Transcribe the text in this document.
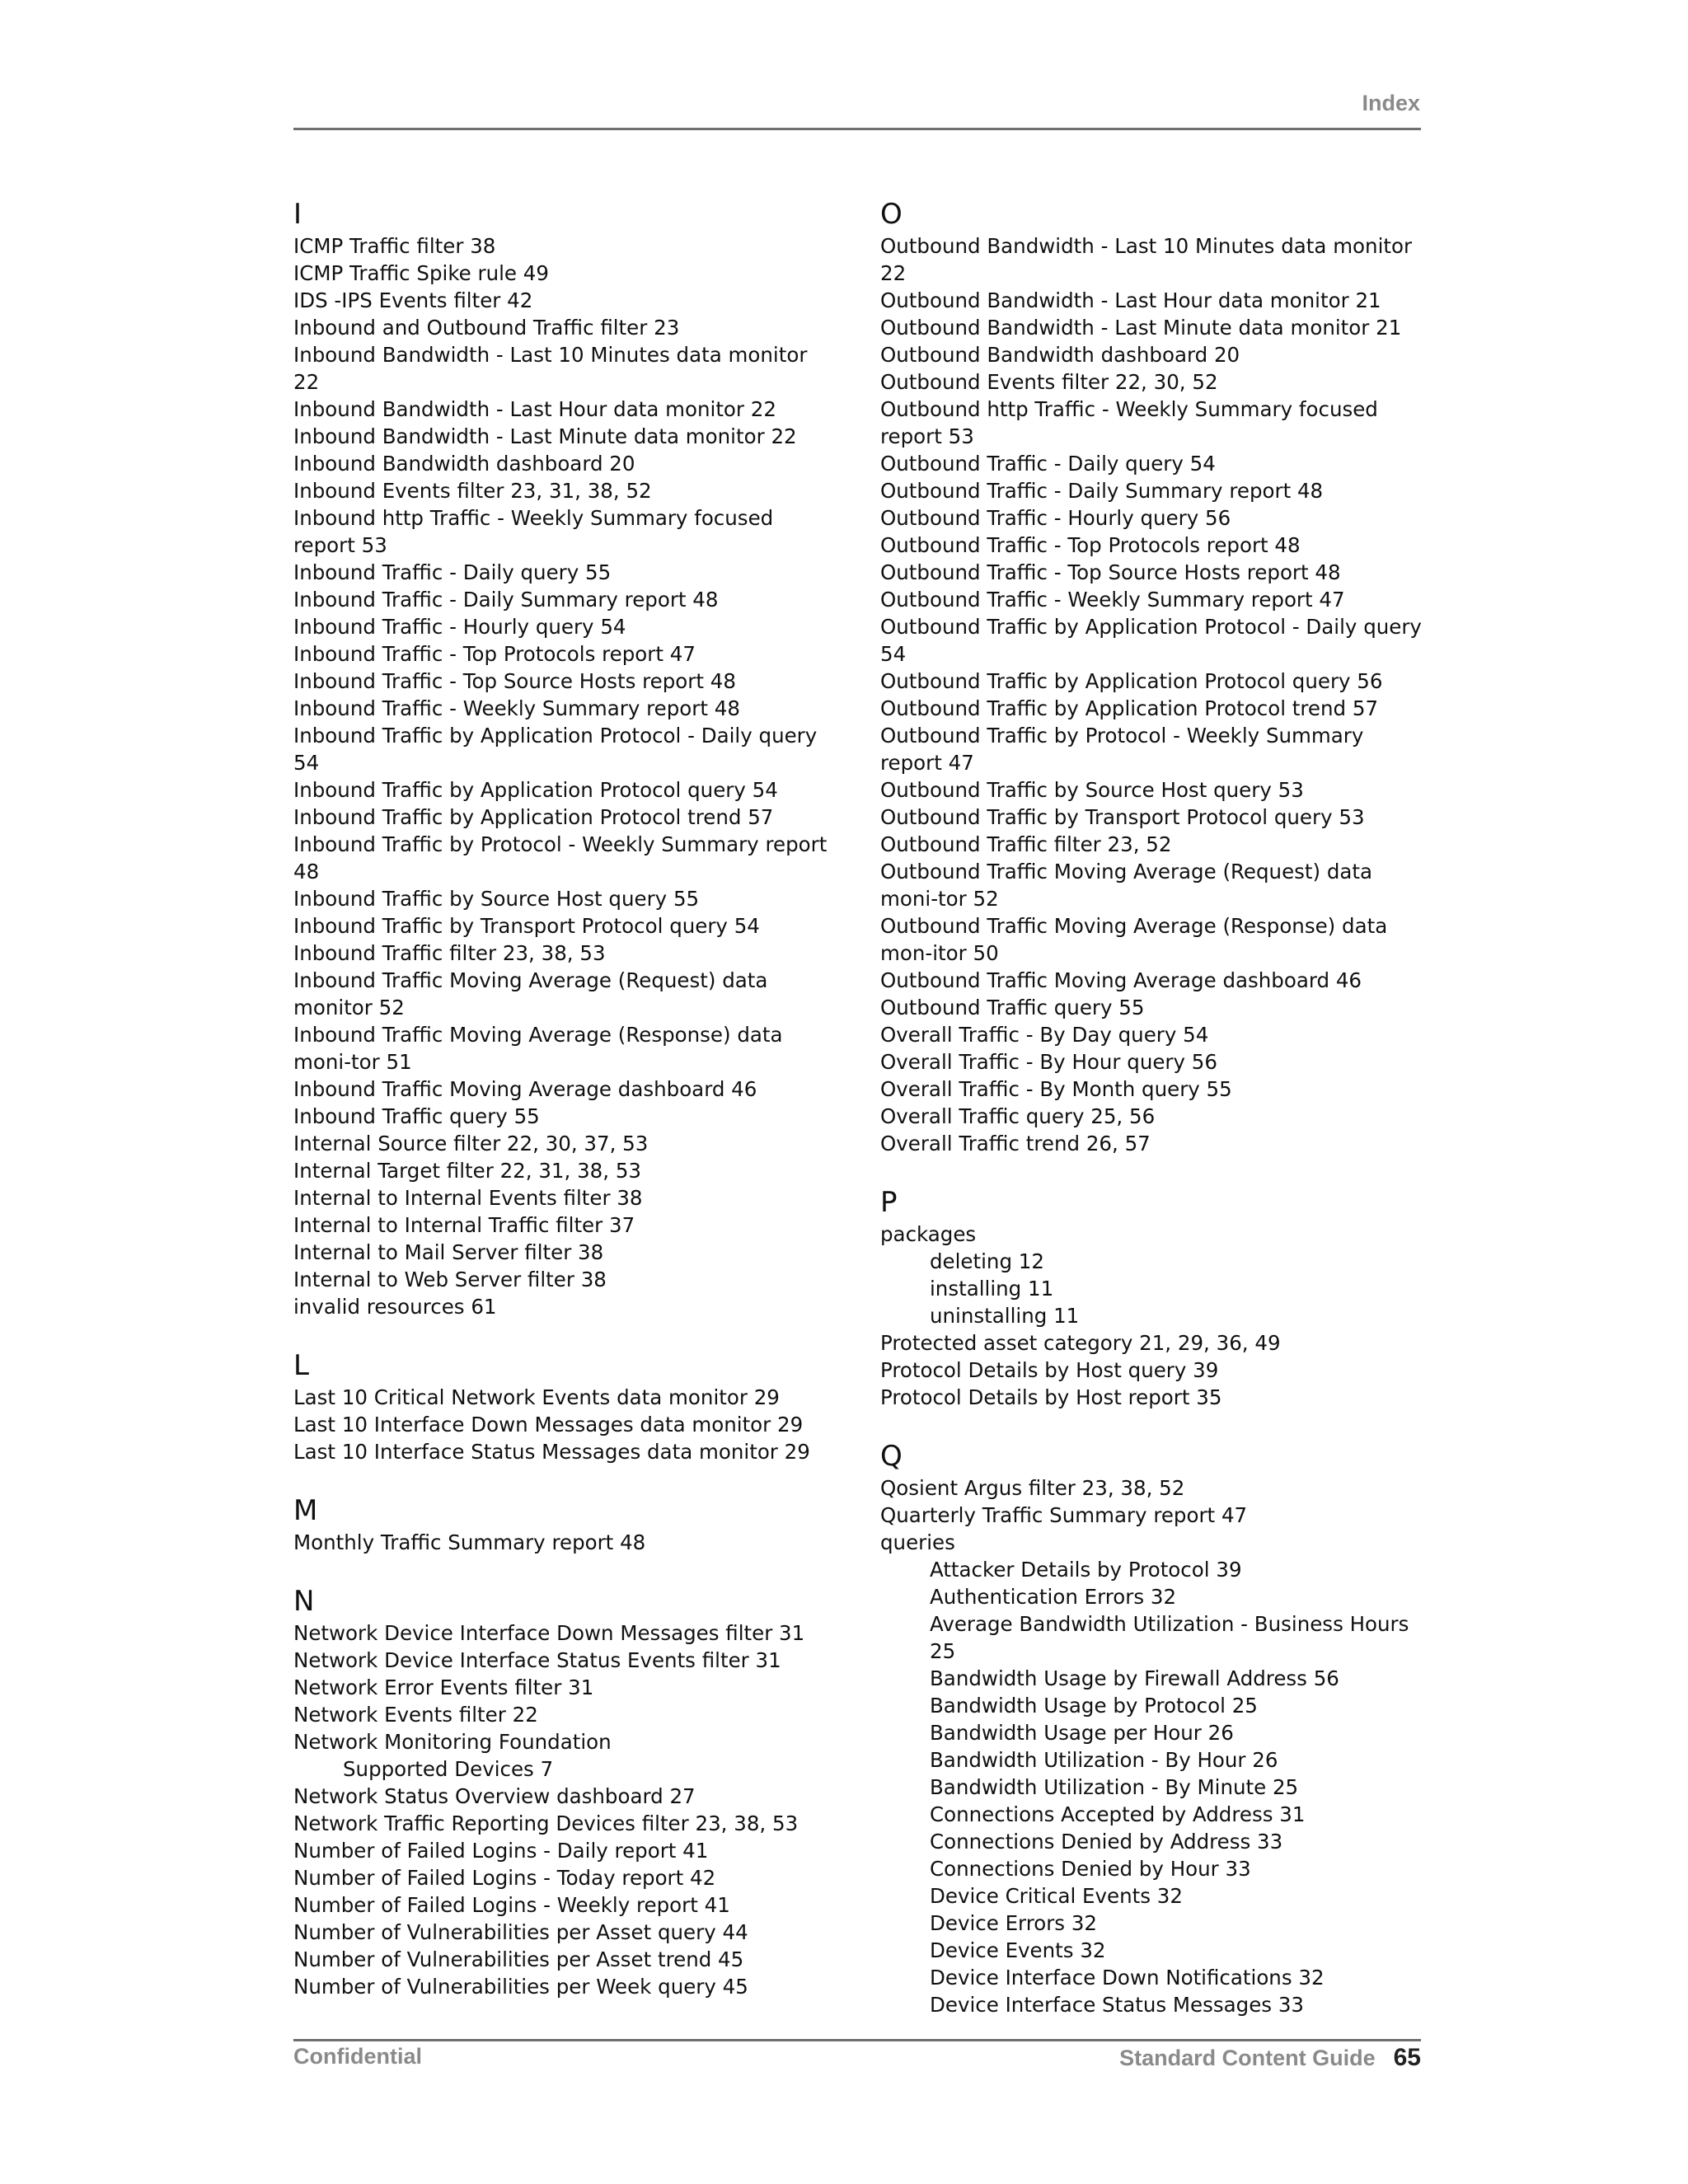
Index
I
ICMP Traffic filter 38
ICMP Traffic Spike rule 49
IDS -IPS Events filter 42
Inbound and Outbound Traffic filter 23
Inbound Bandwidth - Last 10 Minutes data monitor 22
Inbound Bandwidth - Last Hour data monitor 22
Inbound Bandwidth - Last Minute data monitor 22
Inbound Bandwidth dashboard 20
Inbound Events filter 23, 31, 38, 52
Inbound http Traffic - Weekly Summary focused report 53
Inbound Traffic - Daily query 55
Inbound Traffic - Daily Summary report 48
Inbound Traffic - Hourly query 54
Inbound Traffic - Top Protocols report 47
Inbound Traffic - Top Source Hosts report 48
Inbound Traffic - Weekly Summary report 48
Inbound Traffic by Application Protocol - Daily query 54
Inbound Traffic by Application Protocol query 54
Inbound Traffic by Application Protocol trend 57
Inbound Traffic by Protocol - Weekly Summary report 48
Inbound Traffic by Source Host query 55
Inbound Traffic by Transport Protocol query 54
Inbound Traffic filter 23, 38, 53
Inbound Traffic Moving Average (Request) data monitor 52
Inbound Traffic Moving Average (Response) data moni-tor 51
Inbound Traffic Moving Average dashboard 46
Inbound Traffic query 55
Internal Source filter 22, 30, 37, 53
Internal Target filter 22, 31, 38, 53
Internal to Internal Events filter 38
Internal to Internal Traffic filter 37
Internal to Mail Server filter 38
Internal to Web Server filter 38
invalid resources 61
L
Last 10 Critical Network Events data monitor 29
Last 10 Interface Down Messages data monitor 29
Last 10 Interface Status Messages data monitor 29
M
Monthly Traffic Summary report 48
N
Network Device Interface Down Messages filter 31
Network Device Interface Status Events filter 31
Network Error Events filter 31
Network Events filter 22
Network Monitoring Foundation
Supported Devices 7
Network Status Overview dashboard 27
Network Traffic Reporting Devices filter 23, 38, 53
Number of Failed Logins - Daily report 41
Number of Failed Logins - Today report 42
Number of Failed Logins - Weekly report 41
Number of Vulnerabilities per Asset query 44
Number of Vulnerabilities per Asset trend 45
Number of Vulnerabilities per Week query 45
O
Outbound Bandwidth - Last 10 Minutes data monitor 22
Outbound Bandwidth - Last Hour data monitor 21
Outbound Bandwidth - Last Minute data monitor 21
Outbound Bandwidth dashboard 20
Outbound Events filter 22, 30, 52
Outbound http Traffic - Weekly Summary focused report 53
Outbound Traffic - Daily query 54
Outbound Traffic - Daily Summary report 48
Outbound Traffic - Hourly query 56
Outbound Traffic - Top Protocols report 48
Outbound Traffic - Top Source Hosts report 48
Outbound Traffic - Weekly Summary report 47
Outbound Traffic by Application Protocol - Daily query 54
Outbound Traffic by Application Protocol query 56
Outbound Traffic by Application Protocol trend 57
Outbound Traffic by Protocol - Weekly Summary report 47
Outbound Traffic by Source Host query 53
Outbound Traffic by Transport Protocol query 53
Outbound Traffic filter 23, 52
Outbound Traffic Moving Average (Request) data moni-tor 52
Outbound Traffic Moving Average (Response) data mon-itor 50
Outbound Traffic Moving Average dashboard 46
Outbound Traffic query 55
Overall Traffic - By Day query 54
Overall Traffic - By Hour query 56
Overall Traffic - By Month query 55
Overall Traffic query 25, 56
Overall Traffic trend 26, 57
P
packages
deleting 12
installing 11
uninstalling 11
Protected asset category 21, 29, 36, 49
Protocol Details by Host query 39
Protocol Details by Host report 35
Q
Qosient Argus filter 23, 38, 52
Quarterly Traffic Summary report 47
queries
Attacker Details by Protocol 39
Authentication Errors 32
Average Bandwidth Utilization - Business Hours 25
Bandwidth Usage by Firewall Address 56
Bandwidth Usage by Protocol 25
Bandwidth Usage per Hour 26
Bandwidth Utilization - By Hour 26
Bandwidth Utilization - By Minute 25
Connections Accepted by Address 31
Connections Denied by Address 33
Connections Denied by Hour 33
Device Critical Events 32
Device Errors 32
Device Events 32
Device Interface Down Notifications 32
Device Interface Status Messages 33
Confidential	Standard Content Guide 65
